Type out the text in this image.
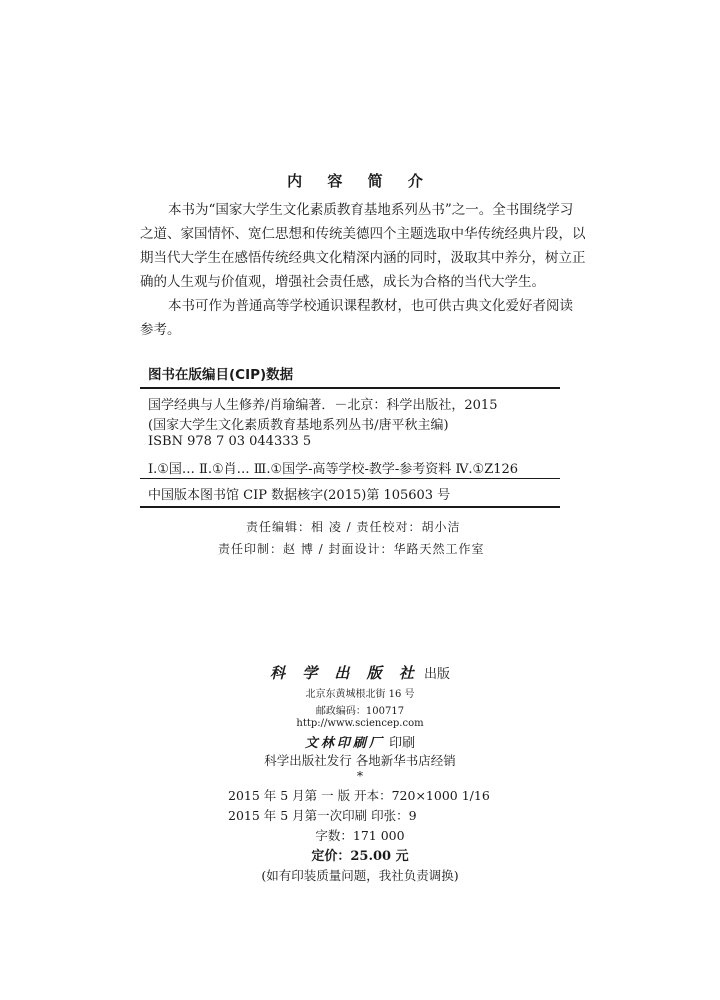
内 容 简 介
本书为“国家大学生文化素质教育基地系列丛书”之一。全书围绕学习
之道、家国情怀、宽仁思想和传统美德四个主题选取中华传统经典片段，以
期当代大学生在感悟传统经典文化精深内涵的同时，汲取其中养分，树立正
确的人生观与价值观，增强社会责任感，成长为合格的当代大学生。
本书可作为普通高等学校通识课程教材，也可供古典文化爱好者阅读
参考。
图书在版编目(CIP)数据
国学经典与人生修养/肖瑜编著．－北京：科学出版社，2015
(国家大学生文化素质教育基地系列丛书/唐平秋主编)
ISBN 978 7 03 044333 5
Ⅰ.①国… Ⅱ.①肖… Ⅲ.①国学-高等学校-教学-参考资料 Ⅳ.①Z126
中国版本图书馆 CIP 数据核字(2015)第 105603 号
责任编辑：相 凌 / 责任校对：胡小洁
责任印制：赵 博 / 封面设计：华路天然工作室
科 学 出 版 社 出版
北京东黄城根北街 16 号
邮政编码：100717
http://www.sciencep.com
文林印刷厂 印刷
科学出版社发行 各地新华书店经销
*
2015 年 5 月第 一 版 开本：720×1000 1/16
2015 年 5 月第一次印刷 印张：9
字数：171 000
定价：25.00 元
(如有印装质量问题，我社负责调换)
